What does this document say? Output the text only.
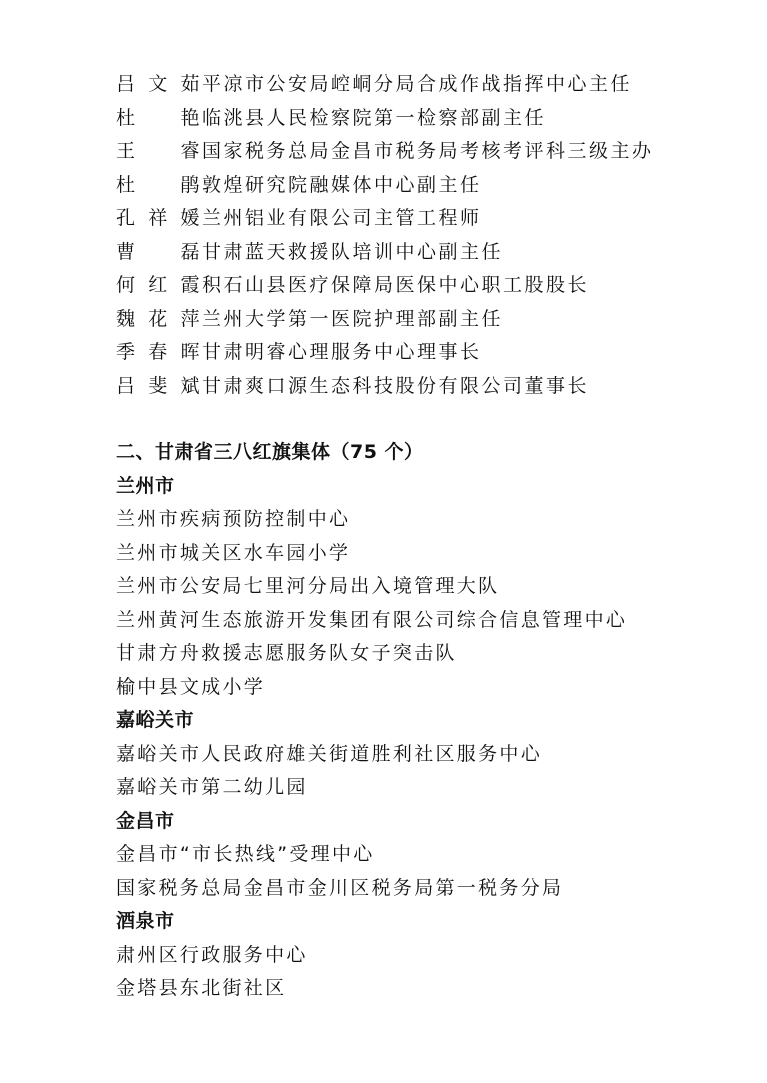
吕文茹 平凉市公安局崆峒分局合成作战指挥中心主任
杜　艳 临洮县人民检察院第一检察部副主任
王　睿 国家税务总局金昌市税务局考核考评科三级主办
杜　鹃 敦煌研究院融媒体中心副主任
孔祥媛 兰州铝业有限公司主管工程师
曹　磊 甘肃蓝天救援队培训中心副主任
何红霞 积石山县医疗保障局医保中心职工股股长
魏花萍 兰州大学第一医院护理部副主任
季春晖 甘肃明睿心理服务中心理事长
吕斐斌 甘肃爽口源生态科技股份有限公司董事长
二、甘肃省三八红旗集体（75 个）
兰州市
兰州市疾病预防控制中心
兰州市城关区水车园小学
兰州市公安局七里河分局出入境管理大队
兰州黄河生态旅游开发集团有限公司综合信息管理中心
甘肃方舟救援志愿服务队女子突击队
榆中县文成小学
嘉峪关市
嘉峪关市人民政府雄关街道胜利社区服务中心
嘉峪关市第二幼儿园
金昌市
金昌市“市长热线”受理中心
国家税务总局金昌市金川区税务局第一税务分局
酒泉市
肃州区行政服务中心
金塔县东北街社区
